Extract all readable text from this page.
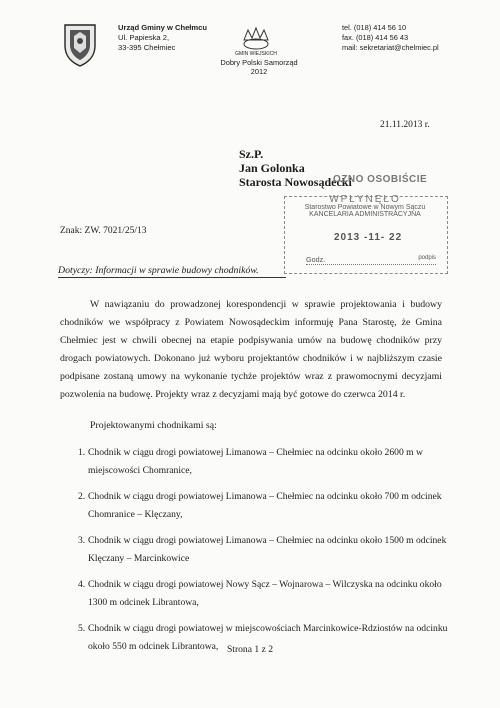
Urząd Gminy w Chełmcu
Ul. Papieska 2,
33-395 Chełmiec
GMIN WIEJSKICH
Dobry Polski Samorząd
2012
tel. (018) 414 56 10
fax. (018) 414 56 43
mail: sekretariat@chelmiec.pl
21.11.2013 r.
Sz.P.
Jan Golonka
Starosta Nowosądecki
OZNO OSOBIŚCIE
WPŁYNĘŁO
Starostwo Powiatowe w Nowym Sączu
KANCELARIA ADMINISTRACYJNA
2013 -11- 22
Godz.	podpis
Znak: ZW. 7021/25/13
Dotyczy: Informacji w sprawie budowy chodników.
W nawiązaniu do prowadzonej korespondencji w sprawie projektowania i budowy chodników we współpracy z Powiatem Nowosądeckim informuję Pana Starostę, że Gmina Chełmiec jest w chwili obecnej na etapie podpisywania umów na budowę chodników przy drogach powiatowych. Dokonano już wyboru projektantów chodników i w najbliższym czasie podpisane zostaną umowy na wykonanie tychże projektów wraz z prawomocnymi decyzjami pozwolenia na budowę. Projekty wraz z decyzjami mają być gotowe do czerwca 2014 r.
Projektowanymi chodnikami są:
1. Chodnik w ciągu drogi powiatowej Limanowa – Chełmiec na odcinku około 2600 m w miejscowości Chomranice,
2. Chodnik w ciągu drogi powiatowej Limanowa – Chełmiec na odcinku około 700 m odcinek Chomranice – Klęczany,
3. Chodnik w ciągu drogi powiatowej Limanowa – Chełmiec na odcinku około 1500 m odcinek Klęczany – Marcinkowice
4. Chodnik w ciągu drogi powiatowej Nowy Sącz – Wojnarowa – Wilczyska na odcinku około 1300 m odcinek Librantowa,
5. Chodnik w ciągu drogi powiatowej w miejscowościach Marcinkowice-Rdziostów na odcinku około 550 m odcinek Librantowa, Strona 1 z 2
